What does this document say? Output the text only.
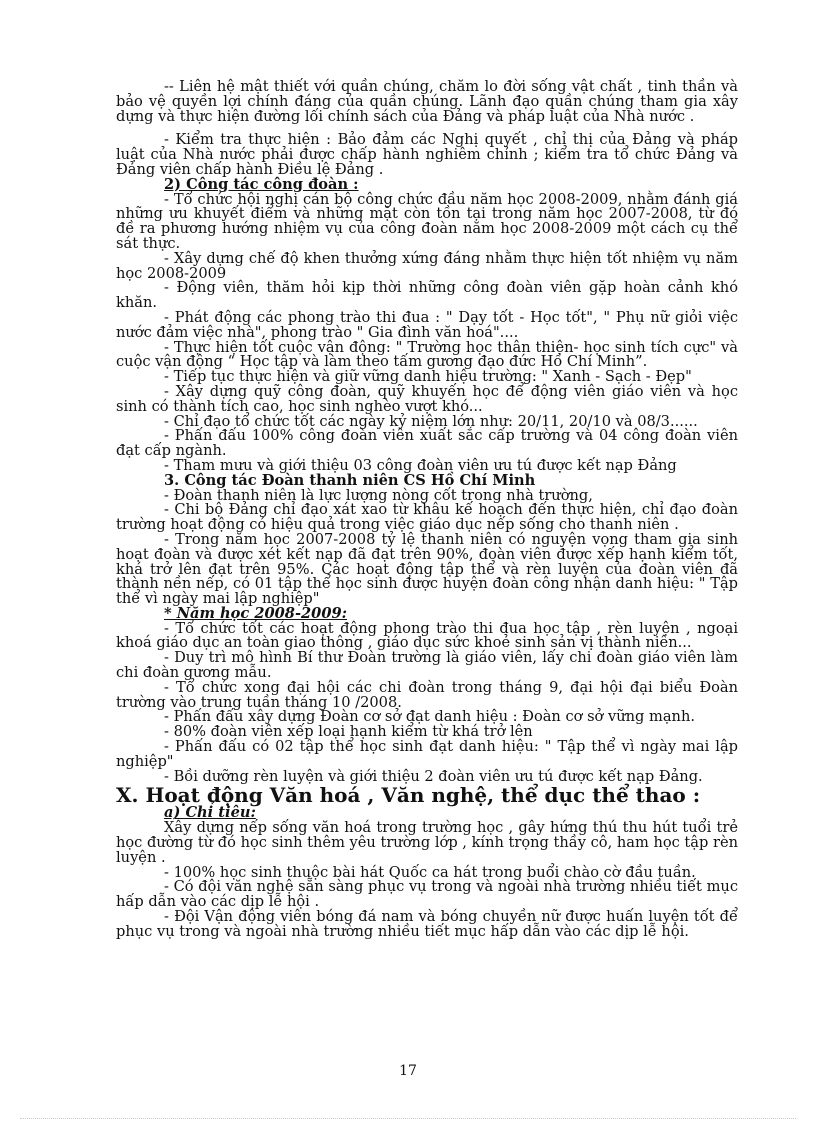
-- Liên hệ mật thiết với quần chúng, chăm lo đời sống vật chất , tinh thần và bảo vệ quyền lợi chính đáng của quần chúng. Lãnh đạo quần chúng tham gia xây dựng và thực hiện đường lối chính sách của Đảng và pháp luật của Nhà nước .

- Kiểm tra thực hiện : Bảo đảm các Nghị quyết , chỉ thị của Đảng và pháp luật của Nhà nước phải được chấp hành nghiêm chỉnh ; kiểm tra tổ chức Đảng và Đảng viên chấp hành Điều lệ Đảng .

2) Công tác công đoàn :

- Tổ chức hội nghị cán bộ công chức đầu năm học 2008-2009, nhằm đánh giá những ưu khuyết điểm và những mặt còn tồn tại trong năm học 2007-2008, từ đó đề ra phương hướng nhiệm vụ của công đoàn năm học 2008-2009 một cách cụ thể sát thực.

- Xây dựng chế độ khen thưởng xứng đáng nhằm thực hiện tốt nhiệm vụ năm học 2008-2009

- Động viên, thăm hỏi kịp thời những công đoàn viên gặp hoàn cảnh khó khăn.

- Phát động các phong trào thi đua : " Dạy tốt - Học tốt", " Phụ nữ giỏi việc nước đảm việc nhà", phong trào " Gia đình văn hoá"....

- Thực hiện tốt cuộc vận động: " Trường học thân thiện- học sinh tích cực" và cuộc vận động “ Học tập và làm theo tấm gương đạo đức Hồ Chí Minh”.

- Tiếp tục thực hiện và giữ vững danh hiệu trường: " Xanh - Sạch - Đẹp"

- Xây dựng quỹ công đoàn, quỹ khuyến học để động viên giáo viên và học sinh có thành tích cao, học sinh nghèo vượt khó...

- Chỉ đạo tổ chức tốt các ngày kỷ niệm lớn như: 20/11, 20/10 và 08/3......

- Phấn đấu 100% công đoàn viên xuất sắc cấp trường và 04 công đoàn viên đạt cấp ngành.

- Tham mưu và giới thiệu 03 công đoàn viên ưu tú được kết nạp Đảng

3. Công tác Đoàn thanh niên CS Hồ Chí Minh

- Đoàn thanh niên là lực lượng nòng cốt trong nhà trường,

- Chi bộ Đảng chỉ đạo xát xao từ khâu kế hoạch đến thực hiện, chỉ đạo đoàn trường hoạt động có hiệu quả trong việc giáo dục nếp sống cho thanh niên .

- Trong năm học 2007-2008 tỷ lệ thanh niên có nguyện vọng tham gia sinh hoạt đoàn và được xét kết nạp đã đạt trên 90%, đoàn viên được xếp hạnh kiểm tốt, khá trở lên đạt trên 95%. Các hoạt động tập thể và rèn luyện của đoàn viên đã thành nền nếp, có 01 tập thể học sinh được huyện đoàn công nhận danh hiệu: " Tập thể vì ngày mai lập nghiệp"

* Năm học 2008-2009:

- Tổ chức tốt các hoạt động phong trào thi đua học tập , rèn luyện , ngoại khoá giáo dục an toàn giao thông , giáo dục sức khoẻ sinh sản vị thành niên...

- Duy trì mô hình Bí thư Đoàn trường là giáo viên, lấy chi đoàn giáo viên làm chi đoàn gương mẫu.

- Tổ chức xong đại hội các chi đoàn trong tháng 9, đại hội đại biểu Đoàn trường vào trung tuần tháng 10 /2008.

- Phấn đấu xây dựng Đoàn cơ sở đạt danh hiệu : Đoàn cơ sở vững mạnh.

- 80% đoàn viên xếp loại hạnh kiểm từ khá trở lên

- Phấn đấu có 02 tập thể học sinh đạt danh hiệu: " Tập thể vì ngày mai lập nghiệp"

- Bồi dưỡng rèn luyện và giới thiệu 2 đoàn viên ưu tú được kết nạp Đảng.

X. Hoạt động Văn hoá , Văn nghệ, thể dục thể thao :

a) Chỉ tiêu:

Xây dựng nếp sống văn hoá trong trường học , gây hứng thú thu hút tuổi trẻ học đường từ đó học sinh thêm yêu trường lớp , kính trọng thầy cô, ham học tập rèn luyện .

- 100% học sinh thuộc bài hát Quốc ca hát trong buổi chào cờ đầu tuần.

- Có đội văn nghệ sẵn sàng phục vụ trong và ngoài nhà trường nhiều tiết mục hấp dẫn vào các dịp lễ hội .

- Đội Vận động viên bóng đá nam và bóng chuyền nữ được huấn luyện tốt để phục vụ trong và ngoài nhà trường nhiều tiết mục hấp dẫn vào các dịp lễ hội.

17
